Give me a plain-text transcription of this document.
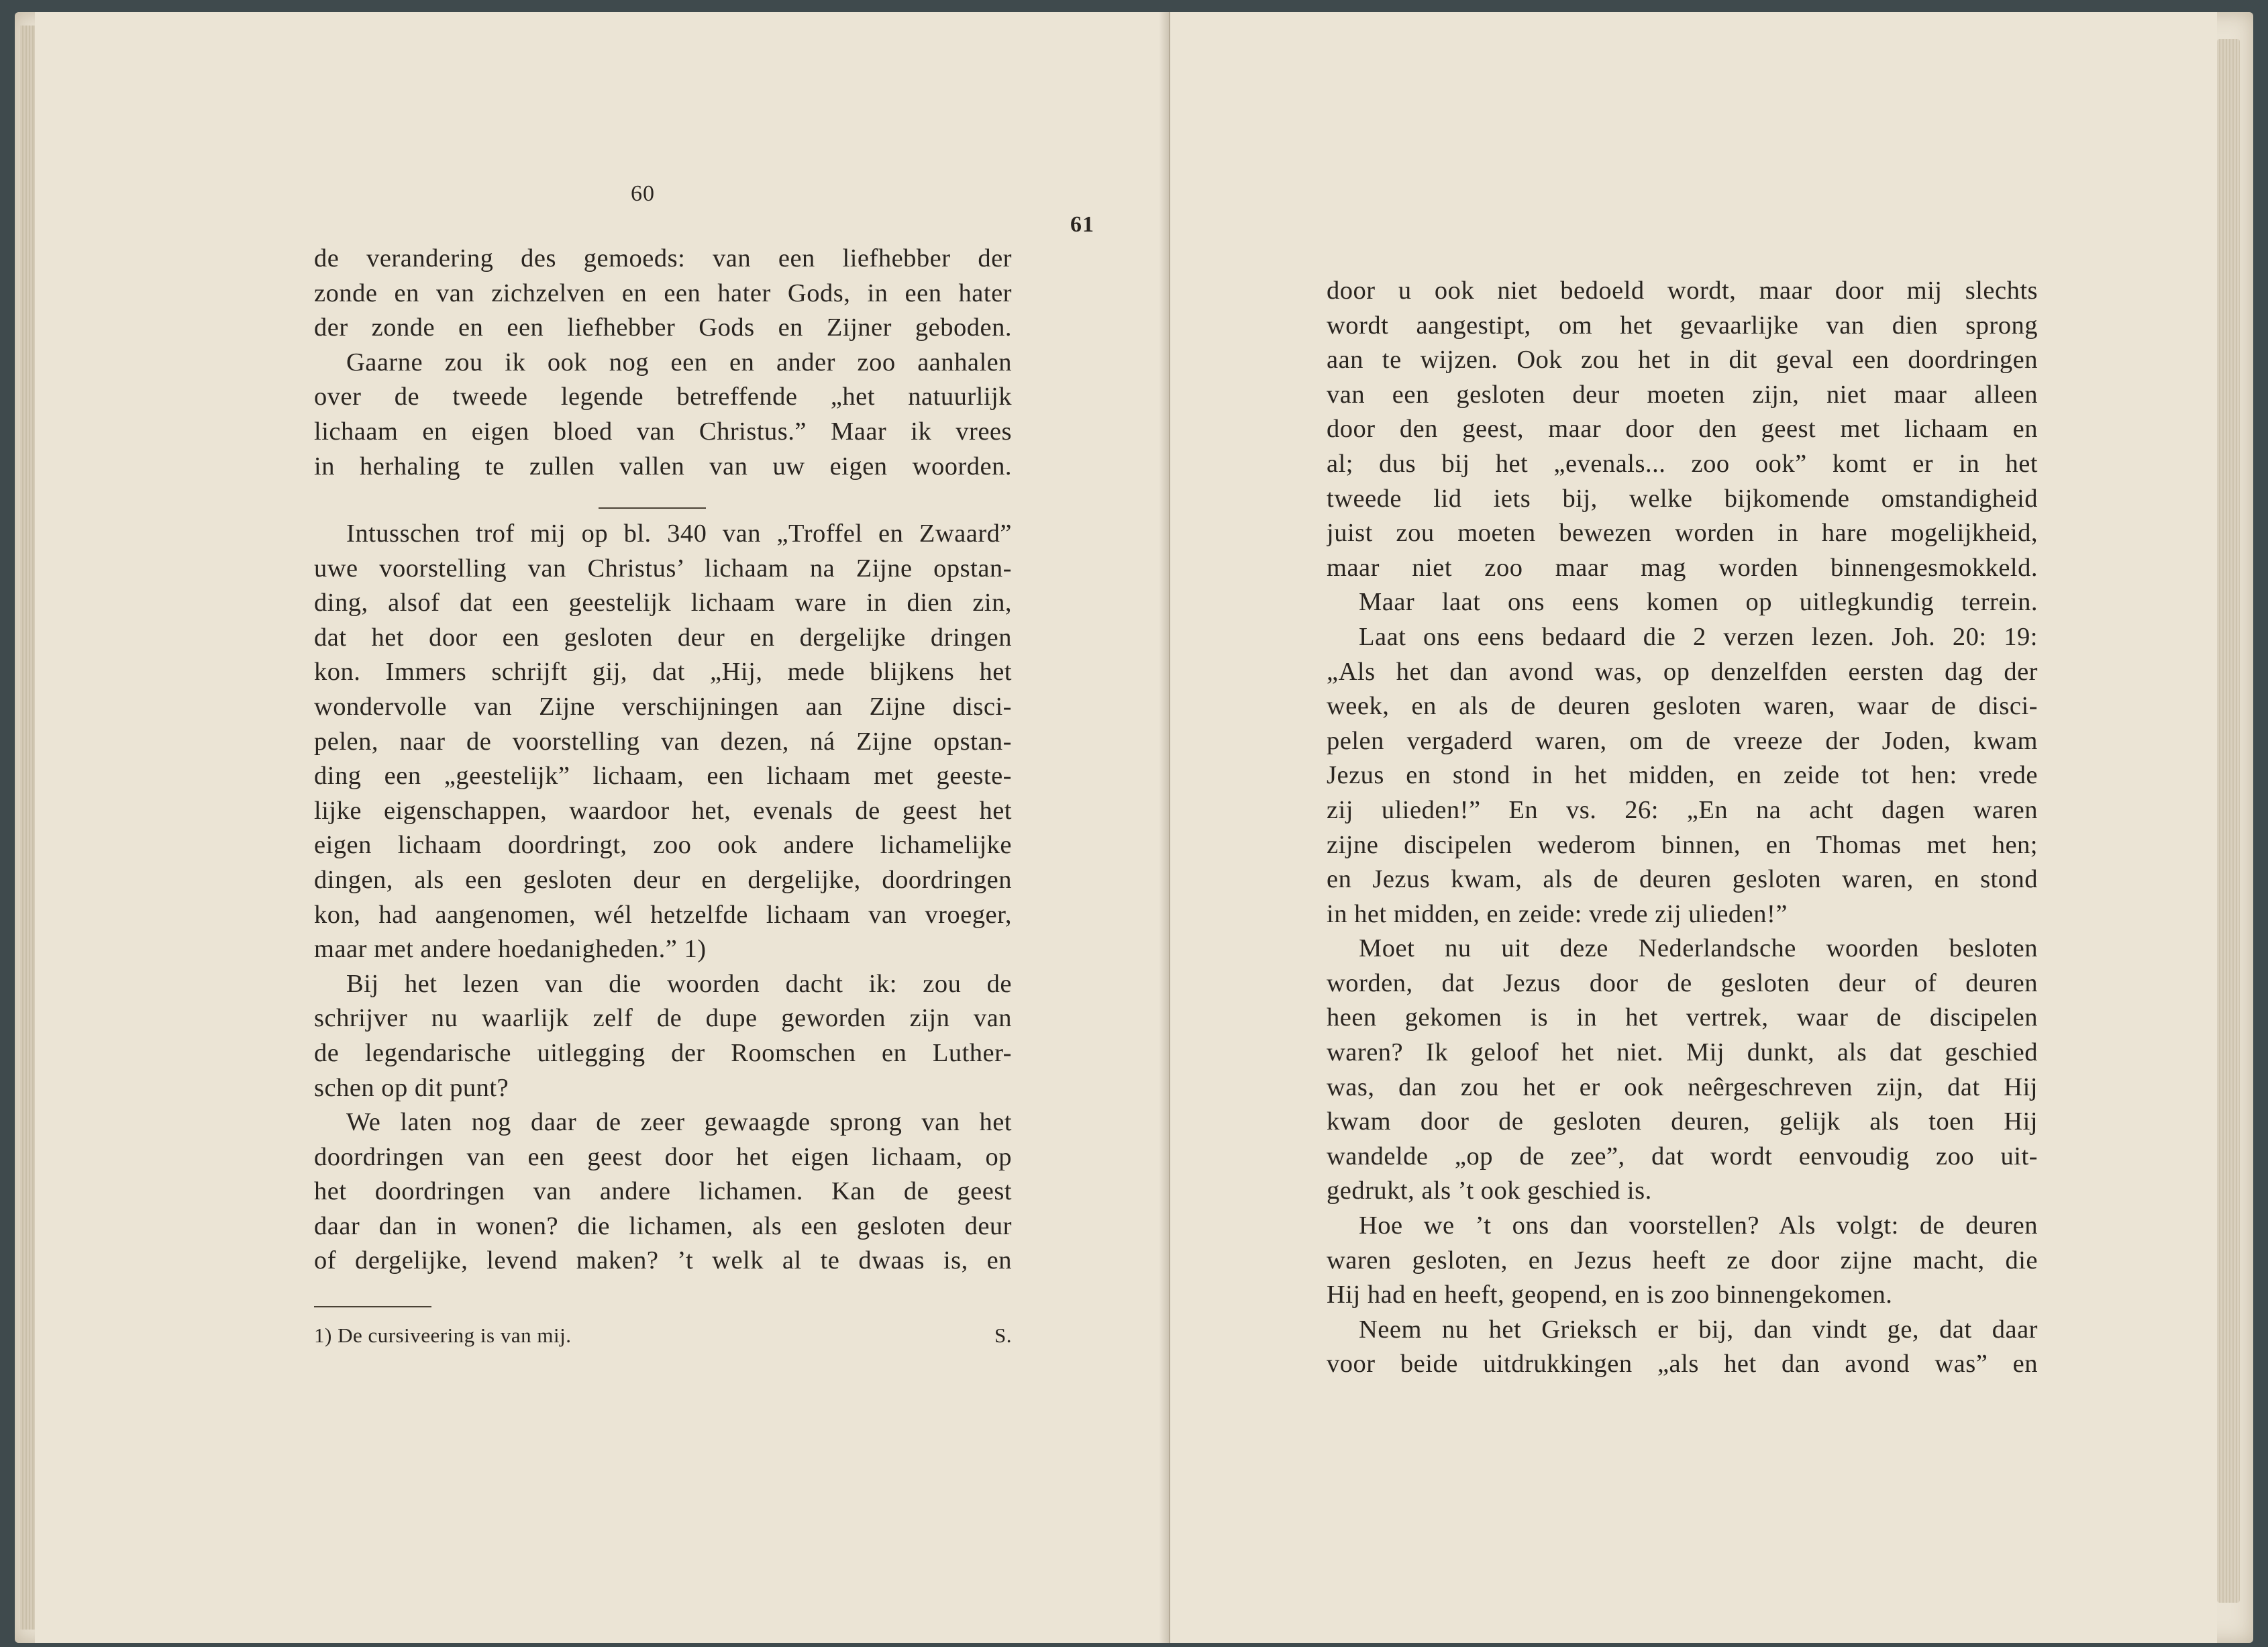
60
de verandering des gemoeds: van een liefhebber der
zonde en van zichzelven en een hater Gods, in een hater
der zonde en een liefhebber Gods en Zijner geboden.
Gaarne zou ik ook nog een en ander zoo aanhalen
over de tweede legende betreffende „het natuurlijk
lichaam en eigen bloed van Christus.” Maar ik vrees
in herhaling te zullen vallen van uw eigen woorden.
Intusschen trof mij op bl. 340 van „Troffel en Zwaard”
uwe voorstelling van Christus’ lichaam na Zijne opstan-
ding, alsof dat een geestelijk lichaam ware in dien zin,
dat het door een gesloten deur en dergelijke dringen
kon. Immers schrijft gij, dat „Hij, mede blijkens het
wondervolle van Zijne verschijningen aan Zijne disci-
pelen, naar de voorstelling van dezen, ná Zijne opstan-
ding een „geestelijk” lichaam, een lichaam met geeste-
lijke eigenschappen, waardoor het, evenals de geest het
eigen lichaam doordringt, zoo ook andere lichamelijke
dingen, als een gesloten deur en dergelijke, doordringen
kon, had aangenomen, wél hetzelfde lichaam van vroeger,
maar met andere hoedanigheden.” 1)
Bij het lezen van die woorden dacht ik: zou de
schrijver nu waarlijk zelf de dupe geworden zijn van
de legendarische uitlegging der Roomschen en Luther-
schen op dit punt?
We laten nog daar de zeer gewaagde sprong van het
doordringen van een geest door het eigen lichaam, op
het doordringen van andere lichamen. Kan de geest
daar dan in wonen? die lichamen, als een gesloten deur
of dergelijke, levend maken? ’t welk al te dwaas is, en
1) De cursiveering is van mij.	S.
61
door u ook niet bedoeld wordt, maar door mij slechts
wordt aangestipt, om het gevaarlijke van dien sprong
aan te wijzen. Ook zou het in dit geval een doordringen
van een gesloten deur moeten zijn, niet maar alleen
door den geest, maar door den geest met lichaam en
al; dus bij het „evenals... zoo ook” komt er in het
tweede lid iets bij, welke bijkomende omstandigheid
juist zou moeten bewezen worden in hare mogelijkheid,
maar niet zoo maar mag worden binnengesmokkeld.
Maar laat ons eens komen op uitlegkundig terrein.
Laat ons eens bedaard die 2 verzen lezen. Joh. 20: 19:
„Als het dan avond was, op denzelfden eersten dag der
week, en als de deuren gesloten waren, waar de disci-
pelen vergaderd waren, om de vreeze der Joden, kwam
Jezus en stond in het midden, en zeide tot hen: vrede
zij ulieden!” En vs. 26: „En na acht dagen waren
zijne discipelen wederom binnen, en Thomas met hen;
en Jezus kwam, als de deuren gesloten waren, en stond
in het midden, en zeide: vrede zij ulieden!”
Moet nu uit deze Nederlandsche woorden besloten
worden, dat Jezus door de gesloten deur of deuren
heen gekomen is in het vertrek, waar de discipelen
waren? Ik geloof het niet. Mij dunkt, als dat geschied
was, dan zou het er ook neêrgeschreven zijn, dat Hij
kwam door de gesloten deuren, gelijk als toen Hij
wandelde „op de zee”, dat wordt eenvoudig zoo uit-
gedrukt, als ’t ook geschied is.
Hoe we ’t ons dan voorstellen? Als volgt: de deuren
waren gesloten, en Jezus heeft ze door zijne macht, die
Hij had en heeft, geopend, en is zoo binnengekomen.
Neem nu het Grieksch er bij, dan vindt ge, dat daar
voor beide uitdrukkingen „als het dan avond was” en
